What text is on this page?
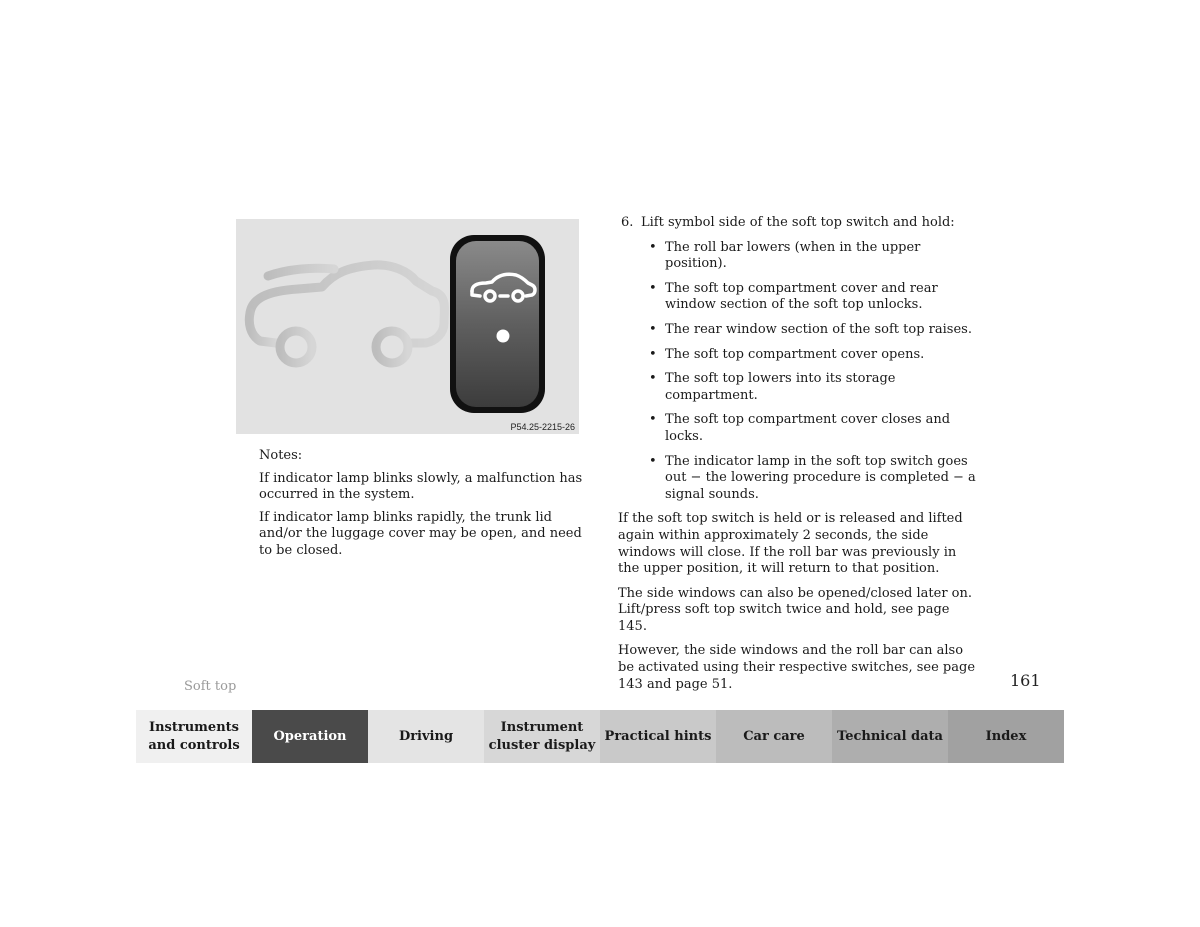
P54.25-2215-26

Notes:

If indicator lamp blinks slowly, a malfunction has occurred in the system.

If indicator lamp blinks rapidly, the trunk lid and/or the luggage cover may be open, and need to be closed.

6. Lift symbol side of the soft top switch and hold:
• The roll bar lowers (when in the upper position).
• The soft top compartment cover and rear window section of the soft top unlocks.
• The rear window section of the soft top raises.
• The soft top compartment cover opens.
• The soft top lowers into its storage compartment.
• The soft top compartment cover closes and locks.
• The indicator lamp in the soft top switch goes out − the lowering procedure is completed − a signal sounds.

If the soft top switch is held or is released and lifted again within approximately 2 seconds, the side windows will close. If the roll bar was previously in the upper position, it will return to that position.

The side windows can also be opened/closed later on. Lift/press soft top switch twice and hold, see page 145.

However, the side windows and the roll bar can also be activated using their respective switches, see page 143 and page 51.

Soft top	161
Instruments and controls
Operation	Driving
Instrument cluster display
Practical hints	Car care	Technical data	Index
